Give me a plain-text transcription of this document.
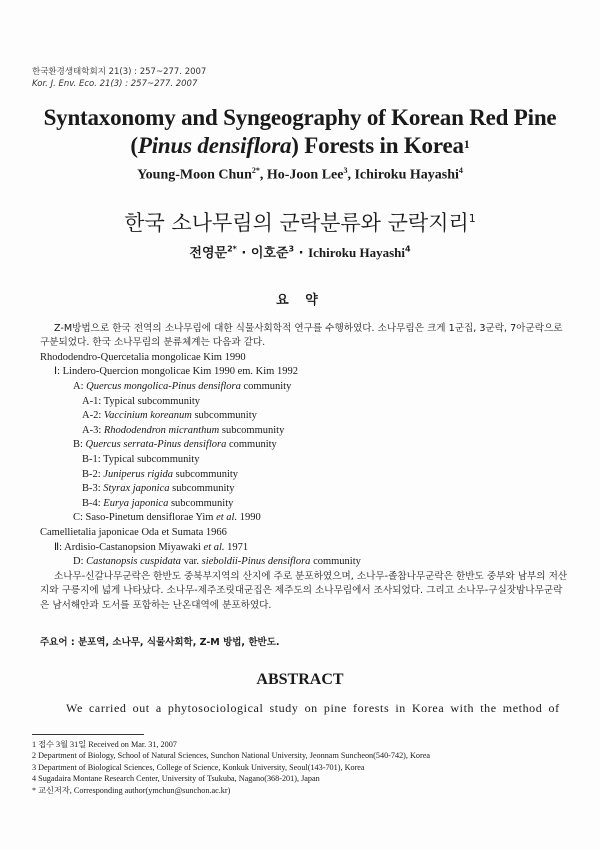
한국환경생태학회지 21(3) : 257~277. 2007
Kor. J. Env. Eco. 21(3) : 257~277. 2007
Syntaxonomy and Syngeography of Korean Red Pine
(Pinus densiflora) Forests in Korea$^1$
Young-Moon Chun$^{2*}$, Ho-Joon Lee$^3$, Ichiroku Hayashi$^4$
한국 소나무림의 군락분류와 군락지리$^1$
전영문$^{2*}$ · 이호준$^3$ · Ichiroku Hayashi$^4$
요 약
Z-M방법으로 한국 전역의 소나무림에 대한 식물사회학적 연구를 수행하였다. 소나무림은 크게 1군집, 3군락, 7아군락으로 구분되었다. 한국 소나무림의 분류체계는 다음과 같다.
Rhododendro-Quercetalia mongolicae Kim 1990
Ⅰ: Lindero-Quercion mongolicae Kim 1990 em. Kim 1992
A: Quercus mongolica-Pinus densiflora community
A-1: Typical subcommunity
A-2: Vaccinium koreanum subcommunity
A-3: Rhododendron micranthum subcommunity
B: Quercus serrata-Pinus densiflora community
B-1: Typical subcommunity
B-2: Juniperus rigida subcommunity
B-3: Styrax japonica subcommunity
B-4: Eurya japonica subcommunity
C: Saso-Pinetum densiflorae Yim et al. 1990
Camellietalia japonicae Oda et Sumata 1966
Ⅱ: Ardisio-Castanopsion Miyawaki et al. 1971
D: Castanopsis cuspidata var. sieboldii-Pinus densiflora community
소나무-신갈나무군락은 한반도 중북부지역의 산지에 주로 분포하였으며, 소나무-졸참나무군락은 한반도 중부와 남부의 저산지와 구릉지에 넓게 나타났다. 소나무-제주조릿대군집은 제주도의 소나무림에서 조사되었다. 그리고 소나무-구실잣밤나무군락은 남서해안과 도서를 포함하는 난온대역에 분포하였다.
주요어 : 분포역, 소나무, 식물사회학, Z-M 방법, 한반도.
ABSTRACT
We carried out a phytosociological study on pine forests in Korea with the method of
1 접수 3월 31일 Received on Mar. 31, 2007
2 Department of Biology, School of Natural Sciences, Sunchon National University, Jeonnam Suncheon(540-742), Korea
3 Department of Biological Sciences, College of Science, Konkuk University, Seoul(143-701), Korea
4 Sugadaira Montane Research Center, University of Tsukuba, Nagano(368-201), Japan
* 교신저자, Corresponding author(ymchun@sunchon.ac.kr)
